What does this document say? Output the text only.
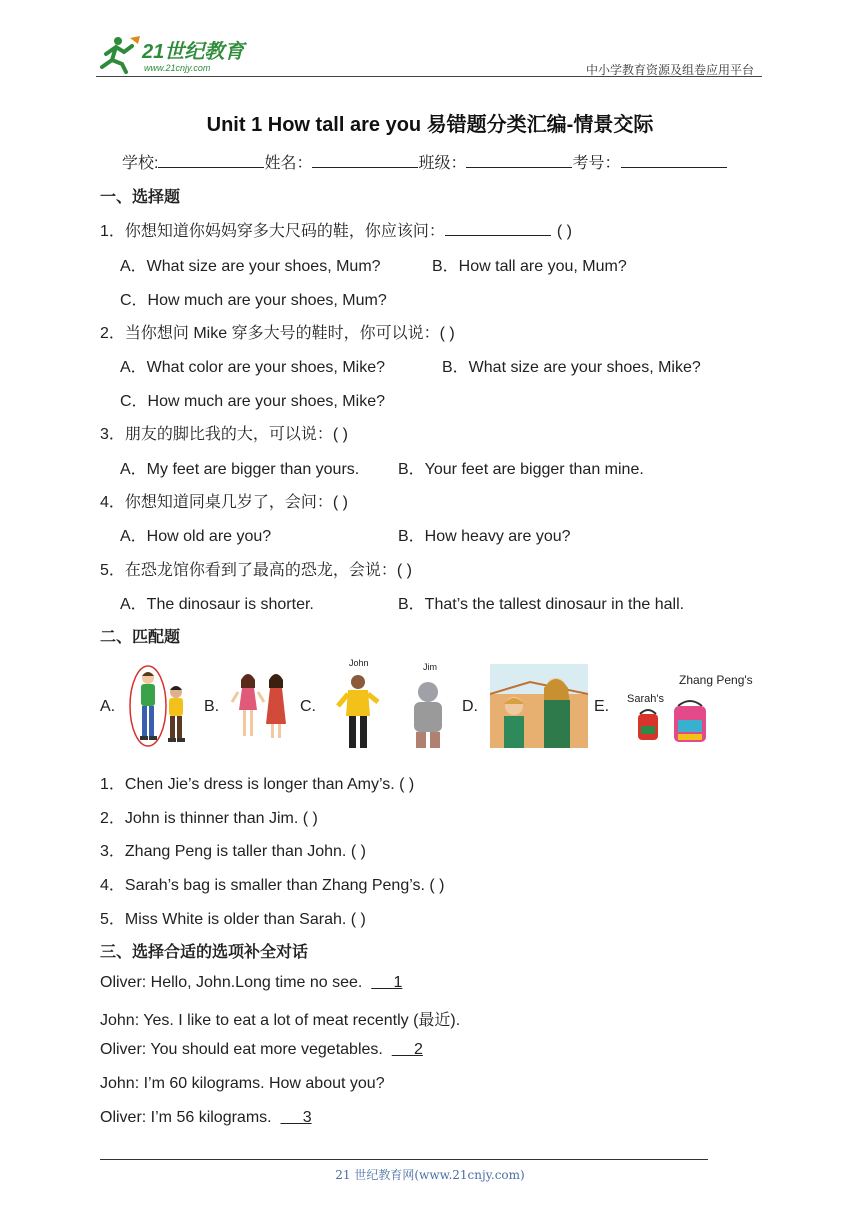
21世纪教育
www.21cnjy.com	中小学教育资源及组卷应用平台
Unit 1 How tall are you 易错题分类汇编-情景交际
学校:	姓名：	班级：	考号：
一、选择题
1．你想知道你妈妈穿多大尺码的鞋，你应该问：	( )
A．What size are your shoes, Mum?	B．How tall are you, Mum?
C．How much are your shoes, Mum?
2．当你想问 Mike 穿多大号的鞋时，你可以说：( )
A．What color are your shoes, Mike?	B．What size are your shoes, Mike?
C．How much are your shoes, Mike?
3．朋友的脚比我的大，可以说：( )
A．My feet are bigger than yours. B．Your feet are bigger than mine.
4．你想知道同桌几岁了，会问：( )
A．How old are you?	B．How heavy are you?
5．在恐龙馆你看到了最高的恐龙，会说：( )
A．The dinosaur is shorter.	B．That’s the tallest dinosaur in the hall.
二、匹配题
A.	B.	C.
John	Jim
D.	E. Sarah's
Zhang Peng's
1．Chen Jie’s dress is longer than Amy’s. ( )
2．John is thinner than Jim. ( )
3．Zhang Peng is taller than John. ( )
4．Sarah’s bag is smaller than Zhang Peng’s. ( )
5．Miss White is older than Sarah. ( )
三、选择合适的选项补全对话
Oliver: Hello, John.Long time no see.       1
John: Yes. I like to eat a lot of meat recently (最近).
Oliver: You should eat more vegetables.       2
John: I’m 60 kilograms. How about you?
Oliver: I’m 56 kilograms.       3
21 世纪教育网(www.21cnjy.com)
